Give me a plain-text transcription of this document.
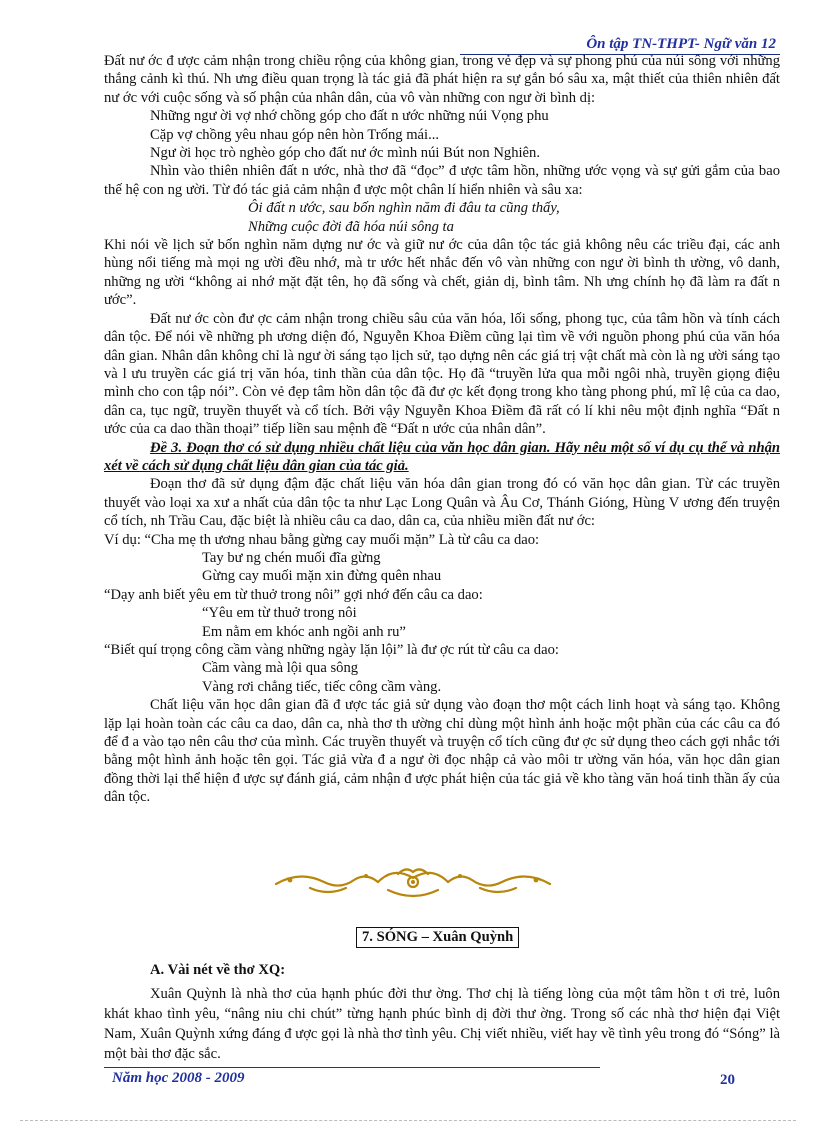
Ôn tập TN-THPT- Ngữ văn 12

Đất nư ớc đ ược cảm nhận trong chiều rộng của không gian, trong vẻ đẹp và sự phong phú của núi sông với những thắng cảnh kì thú. Nh ưng điều quan trọng là tác giả đã phát hiện ra sự gắn bó sâu xa, mật thiết của thiên nhiên đất nư ớc với cuộc sống và số phận của nhân dân, của vô vàn những con ngư ời bình dị:

Những ngư ời vợ nhớ chồng góp cho đất n ước những núi Vọng phu

Cặp vợ chồng yêu nhau góp nên hòn Trống mái...

Ngư ời học trò nghèo góp cho đất nư ớc mình núi Bút non Nghiên.

Nhìn vào thiên nhiên đất n ước, nhà thơ đã “đọc” đ ược tâm hồn, những ước vọng và sự gửi gắm của bao thế hệ con ng ười. Từ đó tác giả cảm nhận đ ược một chân lí hiển nhiên và sâu xa:

Ôi đất n ước, sau bốn nghìn năm đi đâu ta cũng thấy,

Những cuộc đời đã hóa núi sông ta

Khi nói về lịch sử bốn nghìn năm dựng nư ớc và giữ nư ớc của dân tộc tác giả không nêu các triều đại, các anh hùng nổi tiếng mà mọi ng ười đều nhớ, mà tr ước hết nhắc đến vô vàn những con ngư ời bình th ường, vô danh, những ng ười “không ai nhớ mặt đặt tên, họ đã sống và chết, giản dị, bình tâm. Nh ưng chính họ đã làm ra đất n ước”.

Đất nư ớc còn đư ợc cảm nhận trong chiều sâu của văn hóa, lối sống, phong tục, của tâm hồn và tính cách dân tộc. Để nói về những ph ương diện đó, Nguyễn Khoa Điềm cũng lại tìm về với nguồn phong phú của văn hóa dân gian. Nhân dân không chỉ là ngư ời sáng tạo lịch sử, tạo dựng nên các giá trị vật chất mà còn là ng ười sáng tạo và l ưu truyền các giá trị văn hóa, tinh thần của dân tộc. Họ đã “truyền lửa qua mỗi ngôi nhà, truyền giọng điệu mình cho con tập nói”. Còn vẻ đẹp tâm hồn dân tộc đã đư ợc kết đọng trong kho tàng phong phú, mĩ lệ của ca dao, dân ca, tục ngữ, truyền thuyết và cổ tích. Bởi vậy Nguyễn Khoa Điềm đã rất có lí khi nêu một định nghĩa “Đất n ước của ca dao thần thoại” tiếp liền sau mệnh đề “Đất n ước của nhân dân”.

Đề 3. Đoạn thơ có sử dụng nhiều chất liệu của văn học dân gian. Hãy nêu một số ví dụ cụ thể và nhận xét về cách sử dụng chất liệu dân gian của tác giả.

Đoạn thơ đã sử dụng đậm đặc chất liệu văn hóa dân gian trong đó có văn học dân gian. Từ các truyền thuyết vào loại xa xư a nhất của dân tộc ta như Lạc Long Quân và Âu Cơ, Thánh Gióng, Hùng V ương đến truyện cổ tích, nh Trầu Cau, đặc biệt là nhiều câu ca dao, dân ca, của nhiều miền đất nư ớc:

Ví dụ: “Cha mẹ th ương nhau bằng gừng cay muối mặn” Là từ câu ca dao:

Tay bư ng chén muối đĩa gừng

Gừng cay muối mặn xin đừng quên nhau

“Dạy anh biết yêu em từ thuở trong nôi” gợi nhớ đến câu ca dao:

“Yêu em từ thuở trong nôi

Em nằm em khóc anh ngồi anh ru”

“Biết quí trọng công cầm vàng những ngày lặn lội” là đư ợc rút từ câu ca dao:

Cầm vàng mà lội qua sông

Vàng rơi chẳng tiếc, tiếc công cầm vàng.

Chất liệu văn học dân gian đã đ ược tác giả sử dụng vào đoạn thơ một cách linh hoạt và sáng tạo. Không lặp lại hoàn toàn các câu ca dao, dân ca, nhà thơ th ường chỉ dùng một hình ảnh hoặc một phần của các câu ca đó để đ a vào tạo nên câu thơ của mình. Các truyền thuyết và truyện cổ tích cũng đư ợc sử dụng theo cách gợi nhắc tới bằng một hình ảnh hoặc tên gọi. Tác giả vừa đ a ngư ời đọc nhập cả vào môi tr ường văn hóa, văn học dân gian đồng thời lại thể hiện đ ược sự đánh giá, cảm nhận đ ược phát hiện của tác giả về kho tàng văn hoá tinh thần ấy của dân tộc.

7. SÓNG – Xuân Quỳnh
A. Vài nét về thơ XQ:

Xuân Quỳnh là nhà thơ của hạnh phúc đời thư ờng. Thơ chị là tiếng lòng của một tâm hồn t ơi trẻ, luôn khát khao tình yêu, “nâng niu chi chút” từng hạnh phúc bình dị đời thư ờng. Trong số các nhà thơ hiện đại Việt Nam, Xuân Quỳnh xứng đáng đ ược gọi là nhà thơ tình yêu. Chị viết nhiều, viết hay về tình yêu trong đó “Sóng” là một bài thơ đặc sắc.

Năm học 2008 - 2009	20
